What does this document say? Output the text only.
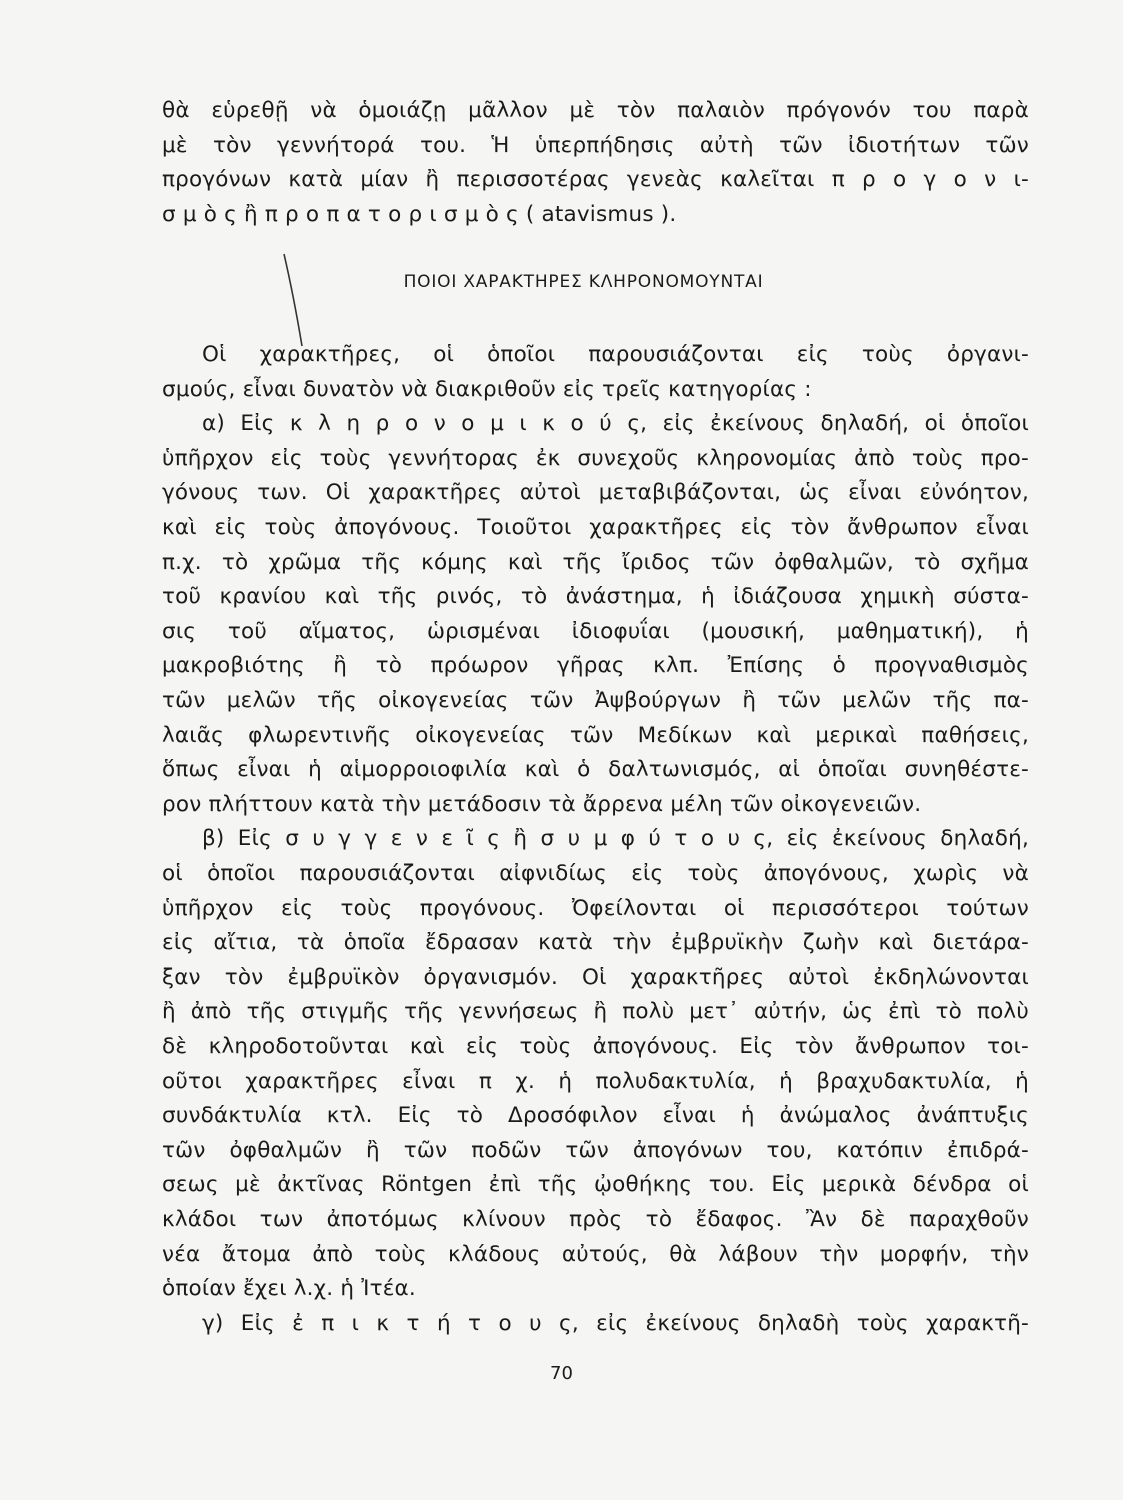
θὰ εὑρεθῇ νὰ ὁμοιάζῃ μᾶλλον μὲ τὸν παλαιὸν πρόγονόν του παρὰ
μὲ τὸν γεννήτορά του. Ἡ ὑπερπήδησις αὐτὴ τῶν ἰδιοτήτων τῶν
προγόνων κατὰ μίαν ἢ περισσοτέρας γενεὰς καλεῖται π ρ ο γ ο ν ι-
σ μ ὸ ς ἢ π ρ ο π α τ ο ρ ι σ μ ὸ ς ( atavismus ).
ΠΟΙΟΙ ΧΑΡΑΚΤΗΡΕΣ ΚΛΗΡΟΝΟΜΟΥΝΤΑΙ
Οἱ χαρακτῆρες, οἱ ὁποῖοι παρουσιάζονται εἰς τοὺς ὀργανι-
σμούς, εἶναι δυνατὸν νὰ διακριθοῦν εἰς τρεῖς κατηγορίας :
α) Εἰς κ λ η ρ ο ν ο μ ι κ ο ύ ς, εἰς ἐκείνους δηλαδή, οἱ ὁποῖοι
ὑπῆρχον εἰς τοὺς γεννήτορας ἐκ συνεχοῦς κληρονομίας ἀπὸ τοὺς προ-
γόνους των. Οἱ χαρακτῆρες αὐτοὶ μεταβιβάζονται, ὡς εἶναι εὐνόητον,
καὶ εἰς τοὺς ἀπογόνους. Τοιοῦτοι χαρακτῆρες εἰς τὸν ἄνθρωπον εἶναι
π.χ. τὸ χρῶμα τῆς κόμης καὶ τῆς ἴριδος τῶν ὀφθαλμῶν, τὸ σχῆμα
τοῦ κρανίου καὶ τῆς ρινός, τὸ ἀνάστημα, ἡ ἰδιάζουσα χημικὴ σύστα-
σις τοῦ αἵματος, ὡρισμέναι ἰδιοφυΐαι (μουσική, μαθηματική), ἡ
μακροβιότης ἢ τὸ πρόωρον γῆρας κλπ. Ἐπίσης ὁ προγναθισμὸς
τῶν μελῶν τῆς οἰκογενείας τῶν Ἀψβούργων ἢ τῶν μελῶν τῆς πα-
λαιᾶς φλωρεντινῆς οἰκογενείας τῶν Μεδίκων καὶ μερικαὶ παθήσεις,
ὅπως εἶναι ἡ αἱμορροιοφιλία καὶ ὁ δαλτωνισμός, αἱ ὁποῖαι συνηθέστε-
ρον πλήττουν κατὰ τὴν μετάδοσιν τὰ ἄρρενα μέλη τῶν οἰκογενειῶν.
β) Εἰς σ υ γ γ ε ν ε ῖ ς ἢ σ υ μ φ ύ τ ο υ ς, εἰς ἐκείνους δηλαδή,
οἱ ὁποῖοι παρουσιάζονται αἰφνιδίως εἰς τοὺς ἀπογόνους, χωρὶς νὰ
ὑπῆρχον εἰς τοὺς προγόνους. Ὀφείλονται οἱ περισσότεροι τούτων
εἰς αἴτια, τὰ ὁποῖα ἔδρασαν κατὰ τὴν ἐμβρυϊκὴν ζωὴν καὶ διετάρα-
ξαν τὸν ἐμβρυϊκὸν ὀργανισμόν. Οἱ χαρακτῆρες αὐτοὶ ἐκδηλώνονται
ἢ ἀπὸ τῆς στιγμῆς τῆς γεννήσεως ἢ πολὺ μετ᾽ αὐτήν, ὡς ἐπὶ τὸ πολὺ
δὲ κληροδοτοῦνται καὶ εἰς τοὺς ἀπογόνους. Εἰς τὸν ἄνθρωπον τοι-
οῦτοι χαρακτῆρες εἶναι π χ. ἡ πολυδακτυλία, ἡ βραχυδακτυλία, ἡ
συνδάκτυλία κτλ. Εἰς τὸ Δροσόφιλον εἶναι ἡ ἀνώμαλος ἀνάπτυξις
τῶν ὀφθαλμῶν ἢ τῶν ποδῶν τῶν ἀπογόνων του, κατόπιν ἐπιδρά-
σεως μὲ ἀκτῖνας Röntgen ἐπὶ τῆς ᾠοθήκης του. Εἰς μερικὰ δένδρα οἱ
κλάδοι των ἀποτόμως κλίνουν πρὸς τὸ ἔδαφος. Ἂν δὲ παραχθοῦν
νέα ἄτομα ἀπὸ τοὺς κλάδους αὐτούς, θὰ λάβουν τὴν μορφήν, τὴν
ὁποίαν ἔχει λ.χ. ἡ Ἰτέα.
γ) Εἰς ἐ π ι κ τ ή τ ο υ ς, εἰς ἐκείνους δηλαδὴ τοὺς χαρακτῆ-
70
